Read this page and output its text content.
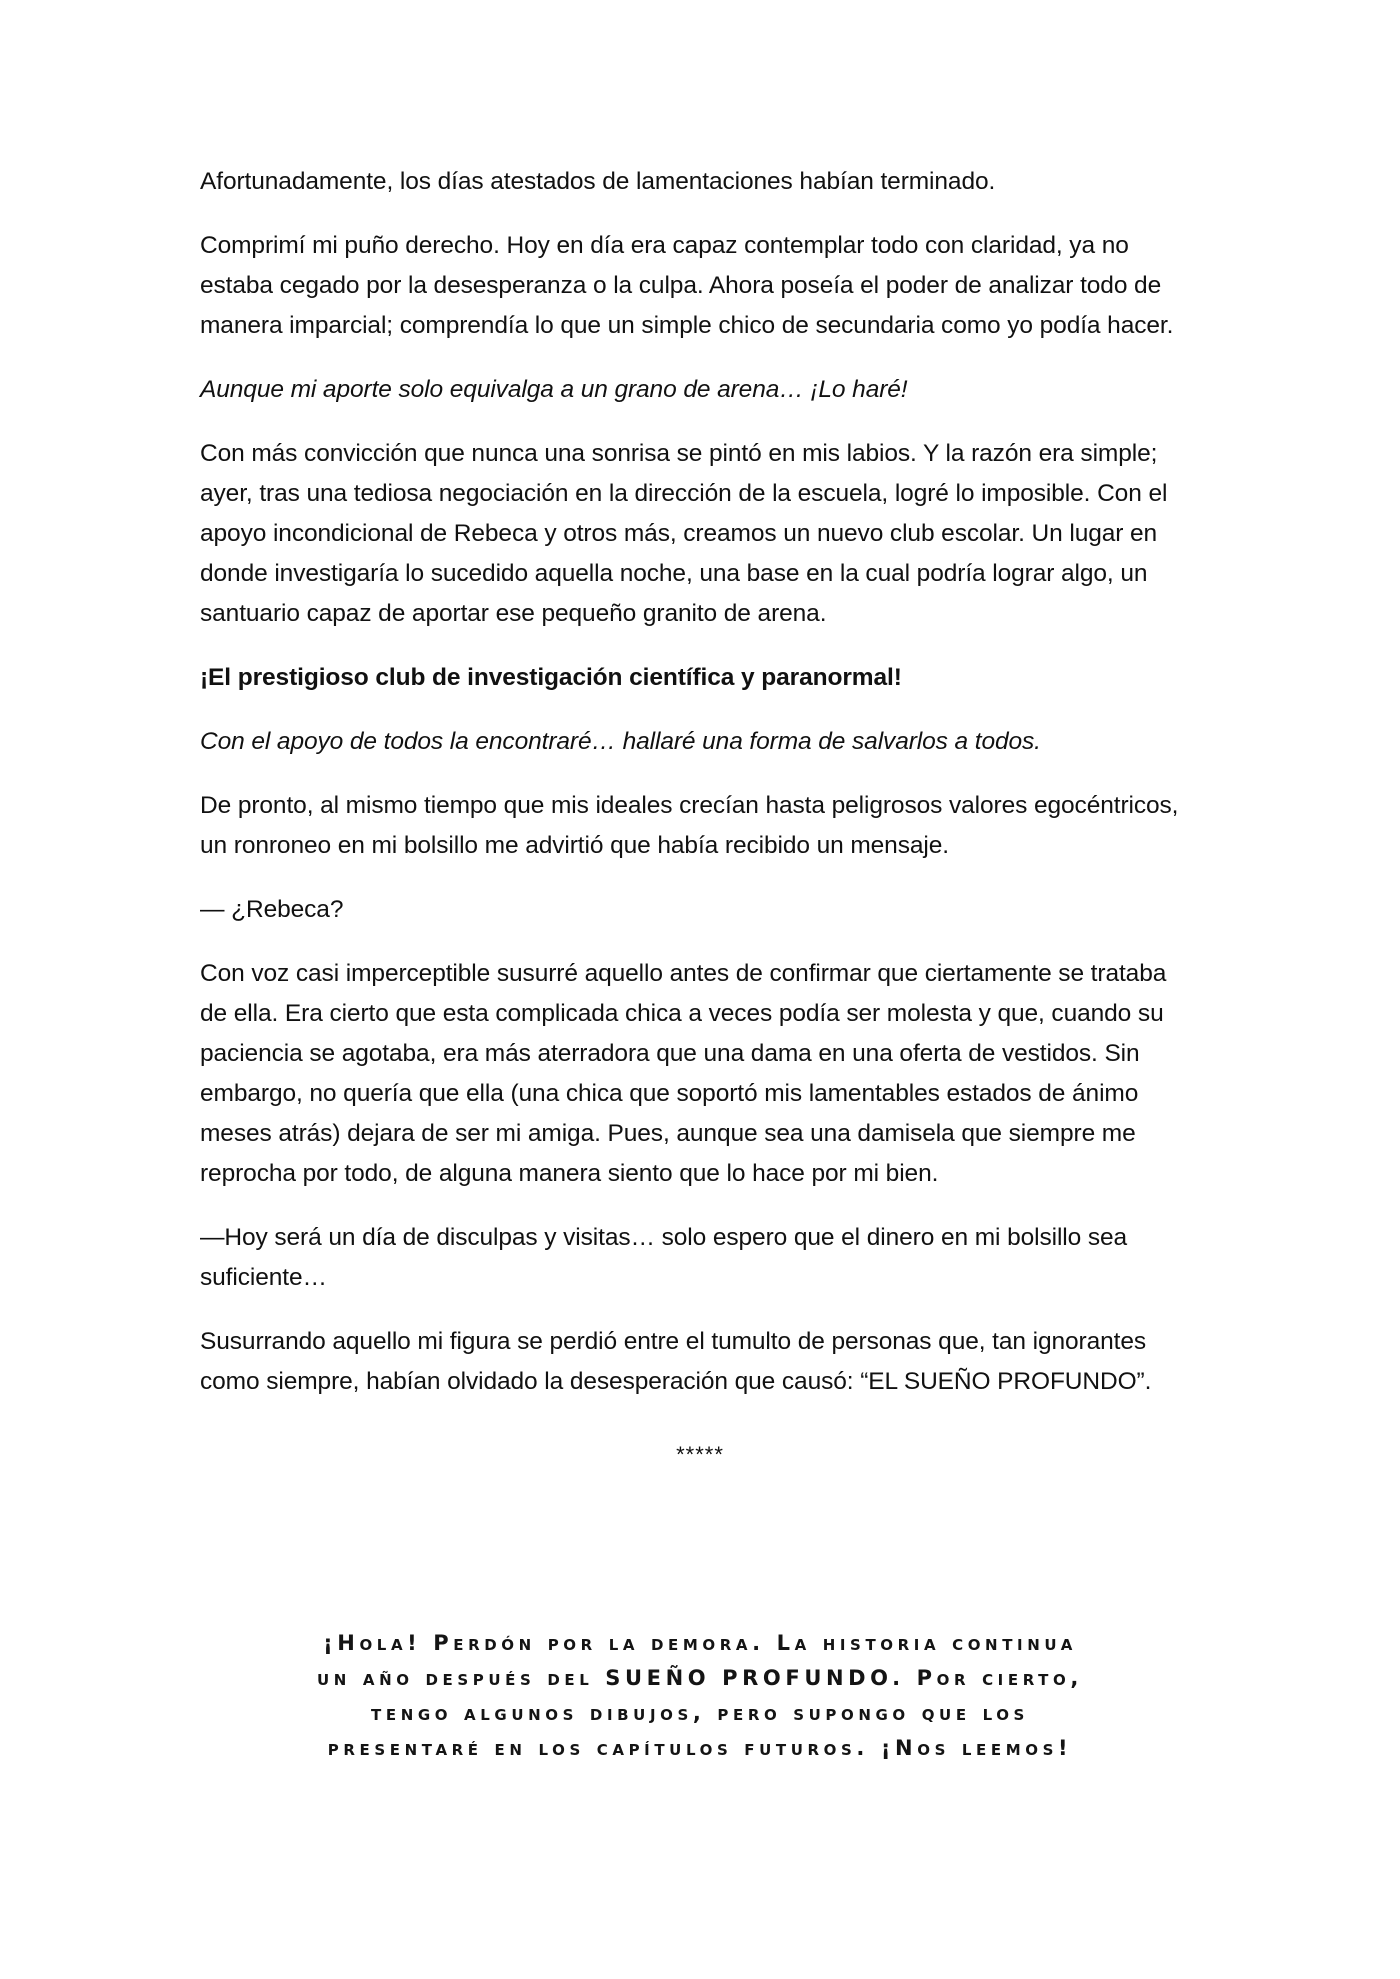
Afortunadamente, los días atestados de lamentaciones habían terminado.

Comprimí mi puño derecho. Hoy en día era capaz contemplar todo con claridad, ya no estaba cegado por la desesperanza o la culpa. Ahora poseía el poder de analizar todo de manera imparcial; comprendía lo que un simple chico de secundaria como yo podía hacer.

Aunque mi aporte solo equivalga a un grano de arena… ¡Lo haré!

Con más convicción que nunca una sonrisa se pintó en mis labios. Y la razón era simple; ayer, tras una tediosa negociación en la dirección de la escuela, logré lo imposible. Con el apoyo incondicional de Rebeca y otros más, creamos un nuevo club escolar. Un lugar en donde investigaría lo sucedido aquella noche, una base en la cual podría lograr algo, un santuario capaz de aportar ese pequeño granito de arena.

¡El prestigioso club de investigación científica y paranormal!

Con el apoyo de todos la encontraré… hallaré una forma de salvarlos a todos.

De pronto, al mismo tiempo que mis ideales crecían hasta peligrosos valores egocéntricos, un ronroneo en mi bolsillo me advirtió que había recibido un mensaje.

— ¿Rebeca?

Con voz casi imperceptible susurré aquello antes de confirmar que ciertamente se trataba de ella. Era cierto que esta complicada chica a veces podía ser molesta y que, cuando su paciencia se agotaba, era más aterradora que una dama en una oferta de vestidos. Sin embargo, no quería que ella (una chica que soportó mis lamentables estados de ánimo meses atrás) dejara de ser mi amiga. Pues, aunque sea una damisela que siempre me reprocha por todo, de alguna manera siento que lo hace por mi bien.

—Hoy será un día de disculpas y visitas… solo espero que el dinero en mi bolsillo sea suficiente…

Susurrando aquello mi figura se perdió entre el tumulto de personas que, tan ignorantes como siempre, habían olvidado la desesperación que causó: “EL SUEÑO PROFUNDO”.

*****
¡Hola! Perdón por la demora. La historia continua
un año después del SUEÑO PROFUNDO. Por cierto,
tengo algunos dibujos, pero supongo que los
presentaré en los capítulos futuros. ¡Nos leemos!
